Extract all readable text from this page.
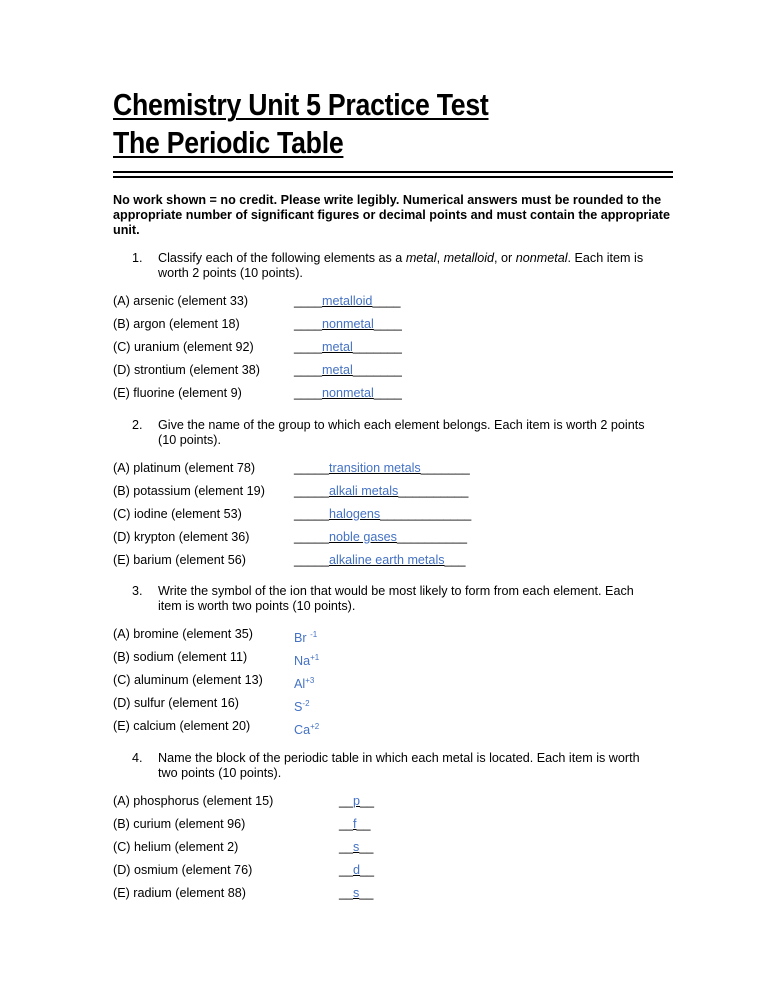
Chemistry Unit 5 Practice Test
The Periodic Table
No work shown = no credit. Please write legibly. Numerical answers must be rounded to the appropriate number of significant figures or decimal points and must contain the appropriate unit.
1. Classify each of the following elements as a metal, metalloid, or nonmetal. Each item is worth 2 points (10 points).
(A) arsenic (element 33)	____metalloid____
(B) argon (element 18)	____nonmetal____
(C) uranium (element 92)	____metal_______
(D) strontium (element 38)	____metal_______
(E) fluorine (element 9)	____nonmetal____
2. Give the name of the group to which each element belongs. Each item is worth 2 points (10 points).
(A) platinum (element 78)	_____transition metals_______
(B) potassium (element 19) _____alkali metals__________
(C) iodine (element 53)	_____halogens_____________
(D) krypton (element 36)	_____noble gases__________
(E) barium (element 56)	_____alkaline earth metals___
3. Write the symbol of the ion that would be most likely to form from each element. Each item is worth two points (10 points).
(A) bromine (element 35)	Br $^{-1}$
(B) sodium (element 11)	$Na^{+1}$
(C) aluminum (element 13) $Al^{+3}$
(D) sulfur (element 16)	$S^{-2}$
(E) calcium (element 20)	$Ca^{+2}$
4. Name the block of the periodic table in which each metal is located. Each item is worth two points (10 points).
(A) phosphorus (element 15)	__p__
(B) curium (element 96)	__f__
(C) helium (element 2)	__s__
(D) osmium (element 76)	__d__
(E) radium (element 88)	__s__
